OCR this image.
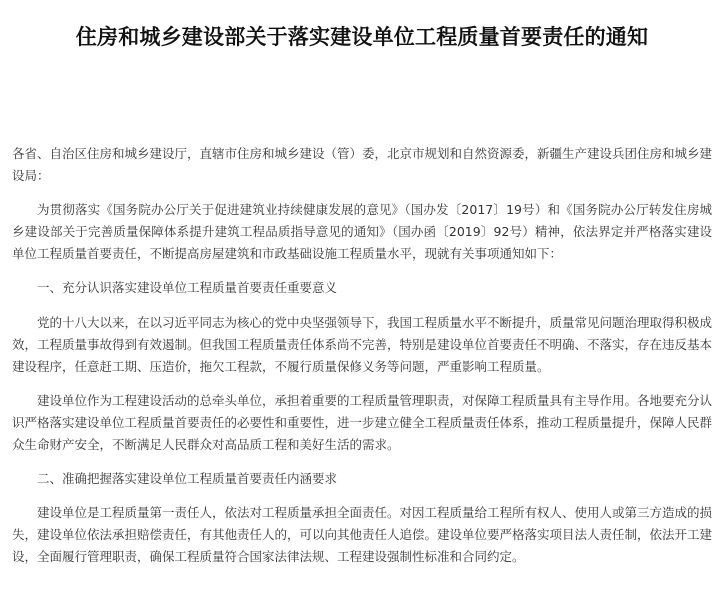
住房和城乡建设部关于落实建设单位工程质量首要责任的通知

各省、自治区住房和城乡建设厅，直辖市住房和城乡建设（管）委，北京市规划和自然资源委，新疆生产建设兵团住房和城乡建设局：

为贯彻落实《国务院办公厅关于促进建筑业持续健康发展的意见》（国办发〔2017〕19号）和《国务院办公厅转发住房城乡建设部关于完善质量保障体系提升建筑工程品质指导意见的通知》（国办函〔2019〕92号）精神，依法界定并严格落实建设单位工程质量首要责任，不断提高房屋建筑和市政基础设施工程质量水平，现就有关事项通知如下：

一、充分认识落实建设单位工程质量首要责任重要意义

党的十八大以来，在以习近平同志为核心的党中央坚强领导下，我国工程质量水平不断提升，质量常见问题治理取得积极成效，工程质量事故得到有效遏制。但我国工程质量责任体系尚不完善，特别是建设单位首要责任不明确、不落实，存在违反基本建设程序，任意赶工期、压造价，拖欠工程款，不履行质量保修义务等问题，严重影响工程质量。

建设单位作为工程建设活动的总牵头单位，承担着重要的工程质量管理职责，对保障工程质量具有主导作用。各地要充分认识严格落实建设单位工程质量首要责任的必要性和重要性，进一步建立健全工程质量责任体系，推动工程质量提升，保障人民群众生命财产安全，不断满足人民群众对高品质工程和美好生活的需求。

二、准确把握落实建设单位工程质量首要责任内涵要求

建设单位是工程质量第一责任人，依法对工程质量承担全面责任。对因工程质量给工程所有权人、使用人或第三方造成的损失，建设单位依法承担赔偿责任，有其他责任人的，可以向其他责任人追偿。建设单位要严格落实项目法人责任制，依法开工建设，全面履行管理职责，确保工程质量符合国家法律法规、工程建设强制性标准和合同约定。
